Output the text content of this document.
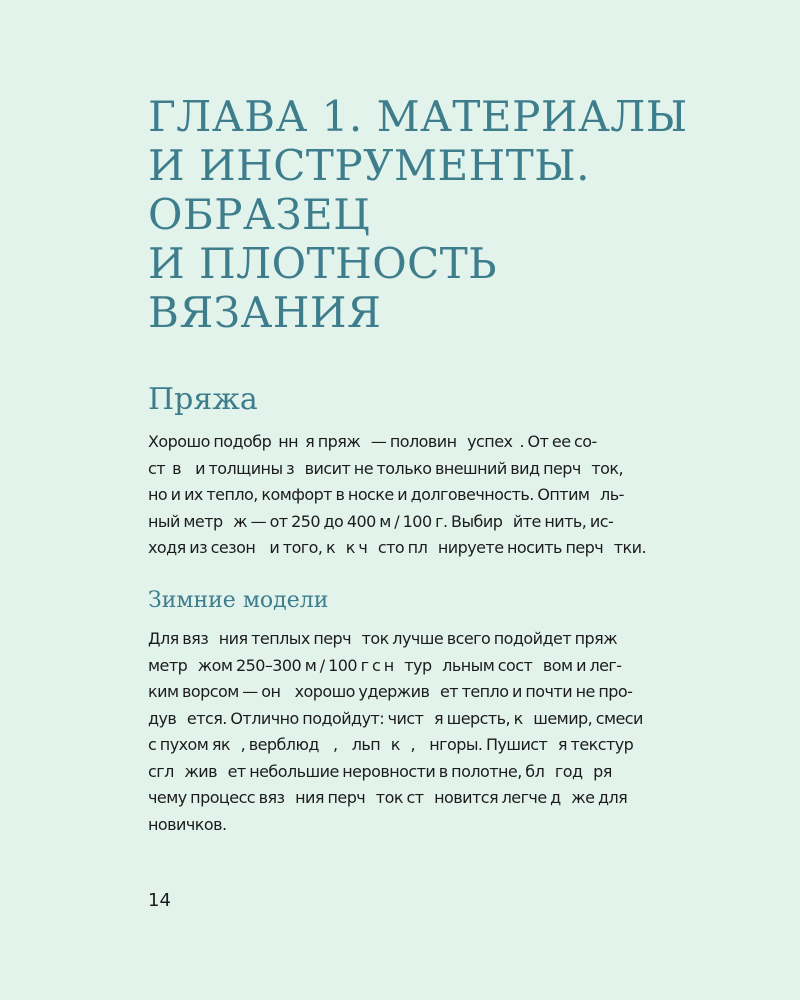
ГЛАВА 1. МАТЕРИАЛЫ
И ИНСТРУМЕНТЫ.
ОБРАЗЕЦ
И ПЛОТНОСТЬ
ВЯЗАНИЯ
Пряжа

Хорошо подобр  нн  я пряж   — половин   успех  . От ее со-
ст  в    и толщины з   висит не только внешний вид перч   ток,
но и их тепло, комфорт в носке и долговечность. Оптим   ль-
ный метр   ж — от 250 до 400 м / 100 г. Выбир   йте нить, ис-
ходя из сезон    и того, к   к ч   сто пл   нируете носить перч   тки.

Зимние модели

Для вяз   ния теплых перч   ток лучше всего подойдет пряж
метр   жом 250–300 м / 100 г с н   тур   льным сост   вом и лег-
ким ворсом — он    хорошо удержив   ет тепло и почти не про-
дув   ется. Отлично подойдут: чист   я шерсть, к   шемир, смеси
с пухом як   , верблюд    ,    льп   к   ,    нгоры. Пушист   я текстур
сгл   жив   ет небольшие неровности в полотне, бл   год   ря
чему процесс вяз   ния перч   ток ст   новится легче д   же для
новичков.

14
